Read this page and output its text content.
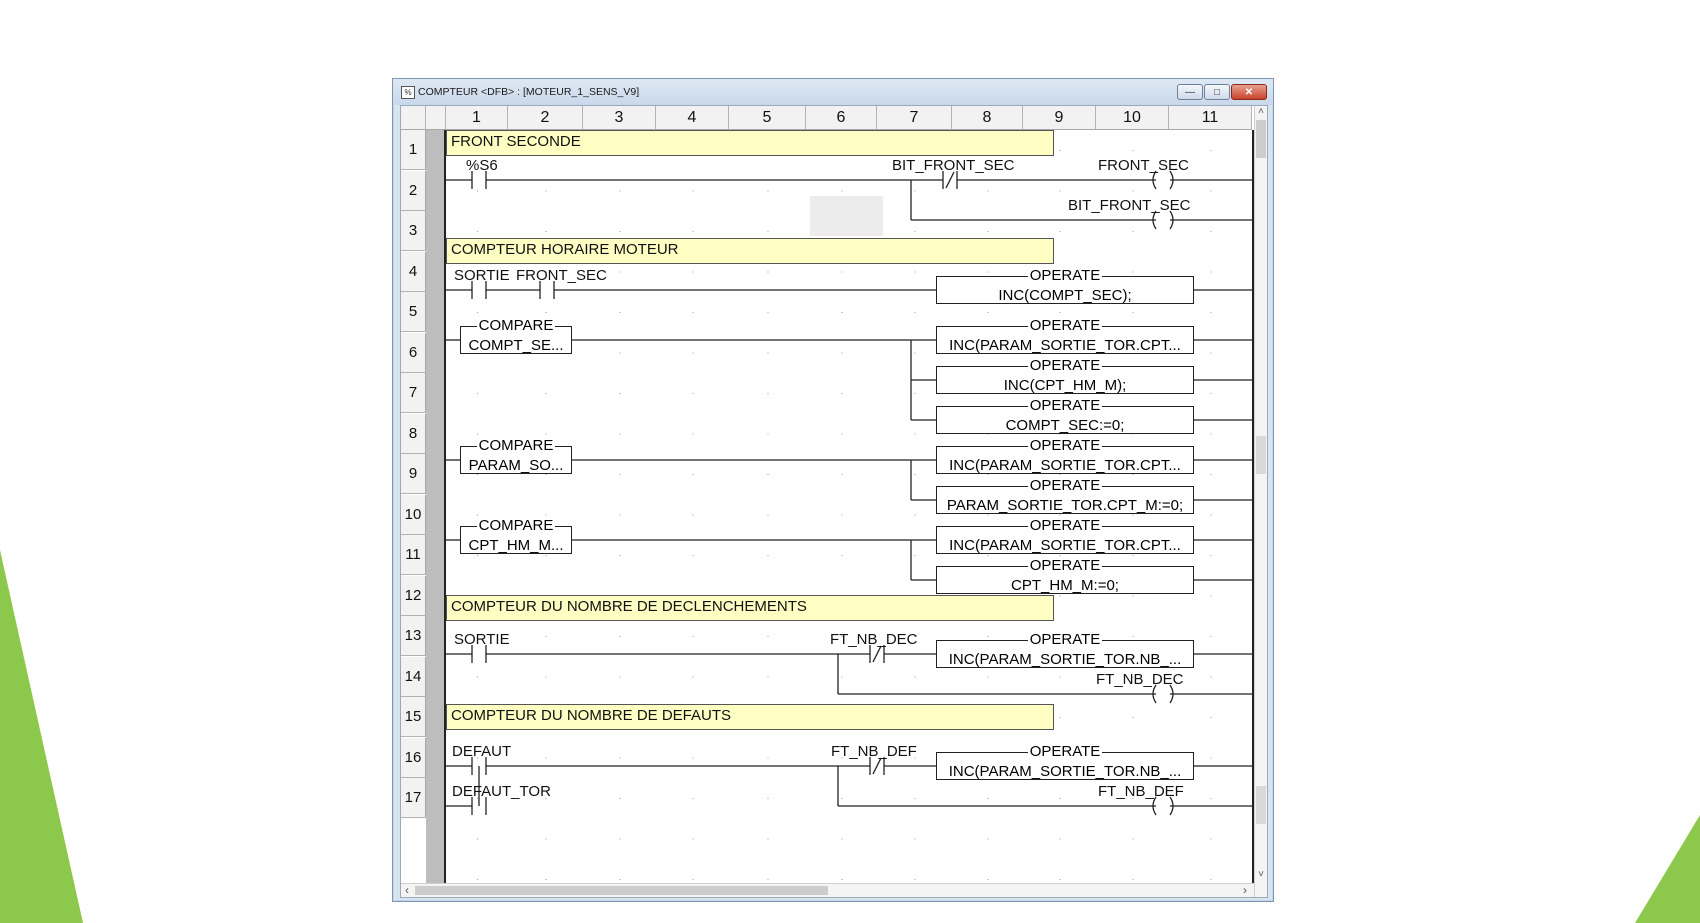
% COMPTEUR <DFB> : [MOTEUR_1_SENS_V9]	—	□	✕
1	2	3	4	5	6	7	8	9	10	11
1
2
3
4
5
6
7
8
9
10
11
12
13
14
15
16
17
FRONT SECONDE
COMPTEUR HORAIRE MOTEUR
COMPTEUR DU NOMBRE DE DECLENCHEMENTS
COMPTEUR DU NOMBRE DE DEFAUTS
%S6	BIT_FRONT_SEC	FRONT_SEC
BIT_FRONT_SEC
SORTIE FRONT_SEC
SORTIE	FT_NB_DEC
FT_NB_DEC
DEFAUT	FT_NB_DEF
DEFAUT_TOR	FT_NB_DEF
COMPARE
COMPT_SE...
COMPARE
PARAM_SO...
COMPARE
CPT_HM_M...
OPERATE
INC(COMPT_SEC);
OPERATE
INC(PARAM_SORTIE_TOR.CPT...
OPERATE
INC(CPT_HM_M);
OPERATE
COMPT_SEC:=0;
OPERATE
INC(PARAM_SORTIE_TOR.CPT...
OPERATE
PARAM_SORTIE_TOR.CPT_M:=0;
OPERATE
INC(PARAM_SORTIE_TOR.CPT...
OPERATE
CPT_HM_M:=0;
OPERATE
INC(PARAM_SORTIE_TOR.NB_...
OPERATE
INC(PARAM_SORTIE_TOR.NB_...
˄
˅
‹	›
